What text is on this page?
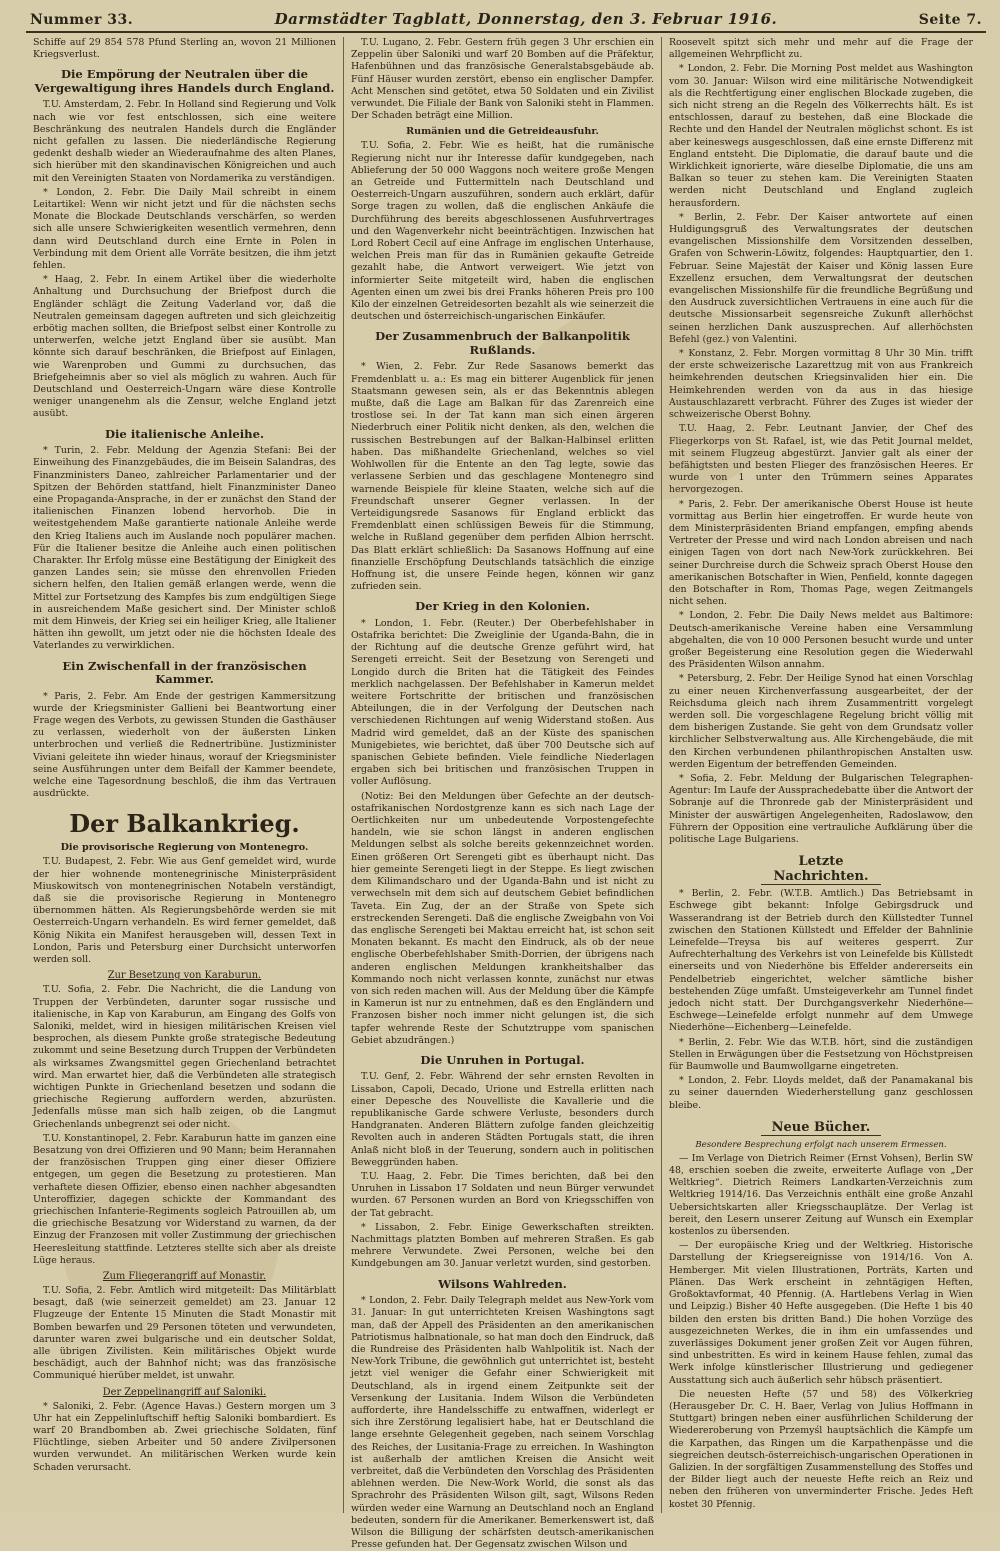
Nummer 33.	Darmstädter Tagblatt, Donnerstag, den 3. Februar 1916.	Seite 7.

Schiffe auf 29 854 578 Pfund Sterling an, wovon 21 Millionen Kriegsverlust.

Die Empörung der Neutralen über die Vergewaltigung ihres Handels durch England.

T.U. Amsterdam, 2. Febr. In Holland sind Regierung und Volk nach wie vor fest entschlossen, sich eine weitere Beschränkung des neutralen Handels durch die Engländer nicht gefallen zu lassen. Die niederländische Regierung gedenkt deshalb wieder an Wiederaufnahme des alten Planes, sich hierüber mit den skandinavischen Königreichen und auch mit den Vereinigten Staaten von Nordamerika zu verständigen.

* London, 2. Febr. Die Daily Mail schreibt in einem Leitartikel: Wenn wir nicht jetzt und für die nächsten sechs Monate die Blockade Deutschlands verschärfen, so werden sich alle unsere Schwierigkeiten wesentlich vermehren, denn dann wird Deutschland durch eine Ernte in Polen in Verbindung mit dem Orient alle Vorräte besitzen, die ihm jetzt fehlen.

* Haag, 2. Febr. In einem Artikel über die wiederholte Anhaltung und Durchsuchung der Briefpost durch die Engländer schlägt die Zeitung Vaderland vor, daß die Neutralen gemeinsam dagegen auftreten und sich gleichzeitig erbötig machen sollten, die Briefpost selbst einer Kontrolle zu unterwerfen, welche jetzt England über sie ausübt. Man könnte sich darauf beschränken, die Briefpost auf Einlagen, wie Warenproben und Gummi zu durchsuchen, das Briefgeheimnis aber so viel als möglich zu wahren. Auch für Deutschland und Oesterreich-Ungarn wäre diese Kontrolle weniger unangenehm als die Zensur, welche England jetzt ausübt.

Die italienische Anleihe.

* Turin, 2. Febr. Meldung der Agenzia Stefani: Bei der Einweihung des Finanzgebäudes, die im Beisein Salandras, des Finanzministers Daneo, zahlreicher Parlamentarier und der Spitzen der Behörden stattfand, hielt Finanzminister Daneo eine Propaganda-Ansprache, in der er zunächst den Stand der italienischen Finanzen lobend hervorhob. Die in weitestgehendem Maße garantierte nationale Anleihe werde den Krieg Italiens auch im Auslande noch populärer machen. Für die Italiener besitze die Anleihe auch einen politischen Charakter. Ihr Erfolg müsse eine Bestätigung der Einigkeit des ganzen Landes sein; sie müsse den ehrenvollen Frieden sichern helfen, den Italien gemäß erlangen werde, wenn die Mittel zur Fortsetzung des Kampfes bis zum endgültigen Siege in ausreichendem Maße gesichert sind. Der Minister schloß mit dem Hinweis, der Krieg sei ein heiliger Krieg, alle Italiener hätten ihn gewollt, um jetzt oder nie die höchsten Ideale des Vaterlandes zu verwirklichen.

Ein Zwischenfall in der französischen Kammer.

* Paris, 2. Febr. Am Ende der gestrigen Kammersitzung wurde der Kriegsminister Gallieni bei Beantwortung einer Frage wegen des Verbots, zu gewissen Stunden die Gasthäuser zu verlassen, wiederholt von der äußersten Linken unterbrochen und verließ die Rednertribüne. Justizminister Viviani geleitete ihn wieder hinaus, worauf der Kriegsminister seine Ausführungen unter dem Beifall der Kammer beendete, welche eine Tagesordnung beschloß, die ihm das Vertrauen ausdrückte.

Der Balkankrieg.
Die provisorische Regierung von Montenegro.

T.U. Budapest, 2. Febr. Wie aus Genf gemeldet wird, wurde der hier wohnende montenegrinische Ministerpräsident Miuskowitsch von montenegrinischen Notabeln verständigt, daß sie die provisorische Regierung in Montenegro übernommen hätten. Als Regierungsbehörde werden sie mit Oesterreich-Ungarn verhandeln. Es wird ferner gemeldet, daß König Nikita ein Manifest herausgeben will, dessen Text in London, Paris und Petersburg einer Durchsicht unterworfen werden soll.

Zur Besetzung von Karaburun.

T.U. Sofia, 2. Febr. Die Nachricht, die die Landung von Truppen der Verbündeten, darunter sogar russische und italienische, in Kap von Karaburun, am Eingang des Golfs von Saloniki, meldet, wird in hiesigen militärischen Kreisen viel besprochen, als diesem Punkte große strategische Bedeutung zukommt und seine Besetzung durch Truppen der Verbündeten als wirksames Zwangsmittel gegen Griechenland betrachtet wird. Man erwartet hier, daß die Verbündeten alle strategisch wichtigen Punkte in Griechenland besetzen und sodann die griechische Regierung auffordern werden, abzurüsten. Jedenfalls müsse man sich halb zeigen, ob die Langmut Griechenlands unbegrenzt sei oder nicht.

T.U. Konstantinopel, 2. Febr. Karaburun hatte im ganzen eine Besatzung von drei Offizieren und 90 Mann; beim Herannahen der französischen Truppen ging einer dieser Offiziere entgegen, um gegen die Besetzung zu protestieren. Man verhaftete diesen Offizier, ebenso einen nachher abgesandten Unteroffizier, dagegen schickte der Kommandant des griechischen Infanterie-Regiments sogleich Patrouillen ab, um die griechische Besatzung vor Widerstand zu warnen, da der Einzug der Franzosen mit voller Zustimmung der griechischen Heeresleitung stattfinde. Letzteres stellte sich aber als dreiste Lüge heraus.

Zum Fliegerangriff auf Monastir.

T.U. Sofia, 2. Febr. Amtlich wird mitgeteilt: Das Militärblatt besagt, daß (wie seinerzeit gemeldet) am 23. Januar 12 Flugzeuge der Entente 15 Minuten die Stadt Monastir mit Bomben bewarfen und 29 Personen töteten und verwundeten, darunter waren zwei bulgarische und ein deutscher Soldat, alle übrigen Zivilisten. Kein militärisches Objekt wurde beschädigt, auch der Bahnhof nicht; was das französische Communiqué hierüber meldet, ist unwahr.

Der Zeppelinangriff auf Saloniki.

* Saloniki, 2. Febr. (Agence Havas.) Gestern morgen um 3 Uhr hat ein Zeppelinluftschiff heftig Saloniki bombardiert. Es warf 20 Brandbomben ab. Zwei griechische Soldaten, fünf Flüchtlinge, sieben Arbeiter und 50 andere Zivilpersonen wurden verwundet. An militärischen Werken wurde kein Schaden verursacht.

T.U. Lugano, 2. Febr. Gestern früh gegen 3 Uhr erschien ein Zeppelin über Saloniki und warf 20 Bomben auf die Präfektur, Hafenbühnen und das französische Generalstabsgebäude ab. Fünf Häuser wurden zerstört, ebenso ein englischer Dampfer. Acht Menschen sind getötet, etwa 50 Soldaten und ein Zivilist verwundet. Die Filiale der Bank von Saloniki steht in Flammen. Der Schaden beträgt eine Million.

Rumänien und die Getreideausfuhr.

T.U. Sofia, 2. Febr. Wie es heißt, hat die rumänische Regierung nicht nur ihr Interesse dafür kundgegeben, nach Ablieferung der 50 000 Waggons noch weitere große Mengen an Getreide und Futtermitteln nach Deutschland und Oesterreich-Ungarn auszuführen, sondern auch erklärt, dafür Sorge tragen zu wollen, daß die englischen Ankäufe die Durchführung des bereits abgeschlossenen Ausfuhrvertrages und den Wagenverkehr nicht beeinträchtigen. Inzwischen hat Lord Robert Cecil auf eine Anfrage im englischen Unterhause, welchen Preis man für das in Rumänien gekaufte Getreide gezahlt habe, die Antwort verweigert. Wie jetzt von informierter Seite mitgeteilt wird, haben die englischen Agenten einen um zwei bis drei Franks höheren Preis pro 100 Kilo der einzelnen Getreidesorten bezahlt als wie seinerzeit die deutschen und österreichisch-ungarischen Einkäufer.

Der Zusammenbruch der Balkanpolitik Rußlands.

* Wien, 2. Febr. Zur Rede Sasanows bemerkt das Fremdenblatt u. a.: Es mag ein bitterer Augenblick für jenen Staatsmann gewesen sein, als er das Bekenntnis ablegen mußte, daß die Lage am Balkan für das Zarenreich eine trostlose sei. In der Tat kann man sich einen ärgeren Niederbruch einer Politik nicht denken, als den, welchen die russischen Bestrebungen auf der Balkan-Halbinsel erlitten haben. Das mißhandelte Griechenland, welches so viel Wohlwollen für die Entente an den Tag legte, sowie das verlassene Serbien und das geschlagene Montenegro sind warnende Beispiele für kleine Staaten, welche sich auf die Freundschaft unserer Gegner verlassen. In der Verteidigungsrede Sasanows für England erblickt das Fremdenblatt einen schlüssigen Beweis für die Stimmung, welche in Rußland gegenüber dem perfiden Albion herrscht. Das Blatt erklärt schließlich: Da Sasanows Hoffnung auf eine finanzielle Erschöpfung Deutschlands tatsächlich die einzige Hoffnung ist, die unsere Feinde hegen, können wir ganz zufrieden sein.

Der Krieg in den Kolonien.

* London, 1. Febr. (Reuter.) Der Oberbefehlshaber in Ostafrika berichtet: Die Zweiglinie der Uganda-Bahn, die in der Richtung auf die deutsche Grenze geführt wird, hat Serengeti erreicht. Seit der Besetzung von Serengeti und Longido durch die Briten hat die Tätigkeit des Feindes merklich nachgelassen. Der Befehlshaber in Kamerun meldet weitere Fortschritte der britischen und französischen Abteilungen, die in der Verfolgung der Deutschen nach verschiedenen Richtungen auf wenig Widerstand stoßen. Aus Madrid wird gemeldet, daß an der Küste des spanischen Munigebietes, wie berichtet, daß über 700 Deutsche sich auf spanischen Gebiete befinden. Viele feindliche Niederlagen ergaben sich bei britischen und französischen Truppen in voller Auflösung.

(Notiz: Bei den Meldungen über Gefechte an der deutsch-ostafrikanischen Nordostgrenze kann es sich nach Lage der Oertlichkeiten nur um unbedeutende Vorpostengefechte handeln, wie sie schon längst in anderen englischen Meldungen selbst als solche bereits gekennzeichnet worden. Einen größeren Ort Serengeti gibt es überhaupt nicht. Das hier gemeinte Serengeti liegt in der Steppe. Es liegt zwischen dem Kilimandscharo und der Uganda-Bahn und ist nicht zu verwechseln mit dem sich auf deutschem Gebiet befindlichen Taveta. Ein Zug, der an der Straße von Spete sich erstreckenden Serengeti. Daß die englische Zweigbahn von Voi das englische Serengeti bei Maktau erreicht hat, ist schon seit Monaten bekannt. Es macht den Eindruck, als ob der neue englische Oberbefehlshaber Smith-Dorrien, der übrigens nach anderen englischen Meldungen krankheitshalber das Kommando noch nicht verlassen konnte, zunächst nur etwas von sich reden machen will. Aus der Meldung über die Kämpfe in Kamerun ist nur zu entnehmen, daß es den Engländern und Franzosen bisher noch immer nicht gelungen ist, die sich tapfer wehrende Reste der Schutztruppe vom spanischen Gebiet abzudrängen.)

Die Unruhen in Portugal.

T.U. Genf, 2. Febr. Während der sehr ernsten Revolten in Lissabon, Capoli, Decado, Urione und Estrella erlitten nach einer Depesche des Nouvelliste die Kavallerie und die republikanische Garde schwere Verluste, besonders durch Handgranaten. Anderen Blättern zufolge fanden gleichzeitig Revolten auch in anderen Städten Portugals statt, die ihren Anlaß nicht bloß in der Teuerung, sondern auch in politischen Beweggründen haben.

T.U. Haag, 2. Febr. Die Times berichten, daß bei den Unruhen in Lissabon 17 Soldaten und neun Bürger verwundet wurden. 67 Personen wurden an Bord von Kriegsschiffen von der Tat gebracht.

* Lissabon, 2. Febr. Einige Gewerkschaften streikten. Nachmittags platzten Bomben auf mehreren Straßen. Es gab mehrere Verwundete. Zwei Personen, welche bei den Kundgebungen am 30. Januar verletzt wurden, sind gestorben.

Wilsons Wahlreden.

* London, 2. Febr. Daily Telegraph meldet aus New-York vom 31. Januar: In gut unterrichteten Kreisen Washingtons sagt man, daß der Appell des Präsidenten an den amerikanischen Patriotismus halbnationale, so hat man doch den Eindruck, daß die Rundreise des Präsidenten halb Wahlpolitik ist. Nach der New-York Tribune, die gewöhnlich gut unterrichtet ist, besteht jetzt viel weniger die Gefahr einer Schwierigkeit mit Deutschland, als in irgend einem Zeitpunkte seit der Versenkung der Lusitania. Indem Wilson die Verbündeten aufforderte, ihre Handelsschiffe zu entwaffnen, widerlegt er sich ihre Zerstörung legalisiert habe, hat er Deutschland die lange ersehnte Gelegenheit gegeben, nach seinem Vorschlag des Reiches, der Lusitania-Frage zu erreichen. In Washington ist außerhalb der amtlichen Kreisen die Ansicht weit verbreitet, daß die Verbündeten den Vorschlag des Präsidenten ablehnen werden. Die New-Work World, die sonst als das Sprachrohr des Präsidenten Wilson gilt, sagt, Wilsons Reden würden weder eine Warnung an Deutschland noch an England bedeuten, sondern für die Amerikaner. Bemerkenswert ist, daß Wilson die Billigung der schärfsten deutsch-amerikanischen Presse gefunden hat. Der Gegensatz zwischen Wilson und

Roosevelt spitzt sich mehr und mehr auf die Frage der allgemeinen Wehrpflicht zu.

* London, 2. Febr. Die Morning Post meldet aus Washington vom 30. Januar: Wilson wird eine militärische Notwendigkeit als die Rechtfertigung einer englischen Blockade zugeben, die sich nicht streng an die Regeln des Völkerrechts hält. Es ist entschlossen, darauf zu bestehen, daß eine Blockade die Rechte und den Handel der Neutralen möglichst schont. Es ist aber keineswegs ausgeschlossen, daß eine ernste Differenz mit England entsteht. Die Diplomatie, die darauf baute und die Wirklichkeit ignorierte, wäre dieselbe Diplomatie, die uns am Balkan so teuer zu stehen kam. Die Vereinigten Staaten werden nicht Deutschland und England zugleich herausfordern.

* Berlin, 2. Febr. Der Kaiser antwortete auf einen Huldigungsgruß des Verwaltungsrates der deutschen evangelischen Missionshilfe dem Vorsitzenden desselben, Grafen von Schwerin-Löwitz, folgendes: Hauptquartier, den 1. Februar. Seine Majestät der Kaiser und König lassen Eure Exzellenz ersuchen, dem Verwaltungsrat der deutschen evangelischen Missionshilfe für die freundliche Begrüßung und den Ausdruck zuversichtlichen Vertrauens in eine auch für die deutsche Missionsarbeit segensreiche Zukunft allerhöchst seinen herzlichen Dank auszusprechen. Auf allerhöchsten Befehl (gez.) von Valentini.

* Konstanz, 2. Febr. Morgen vormittag 8 Uhr 30 Min. trifft der erste schweizerische Lazarettzug mit von aus Frankreich heimkehrenden deutschen Kriegsinvaliden hier ein. Die Heimkehrenden werden von da aus in das hiesige Austauschlazarett verbracht. Führer des Zuges ist wieder der schweizerische Oberst Bohny.

T.U. Haag, 2. Febr. Leutnant Janvier, der Chef des Fliegerkorps von St. Rafael, ist, wie das Petit Journal meldet, mit seinem Flugzeug abgestürzt. Janvier galt als einer der befähigtsten und besten Flieger des französischen Heeres. Er wurde von 1 unter den Trümmern seines Apparates hervorgezogen.

* Paris, 2. Febr. Der amerikanische Oberst House ist heute vormittag aus Berlin hier eingetroffen. Er wurde heute von dem Ministerpräsidenten Briand empfangen, empfing abends Vertreter der Presse und wird nach London abreisen und nach einigen Tagen von dort nach New-York zurückkehren. Bei seiner Durchreise durch die Schweiz sprach Oberst House den amerikanischen Botschafter in Wien, Penfield, konnte dagegen den Botschafter in Rom, Thomas Page, wegen Zeitmangels nicht sehen.

* London, 2. Febr. Die Daily News meldet aus Baltimore: Deutsch-amerikanische Vereine haben eine Versammlung abgehalten, die von 10 000 Personen besucht wurde und unter großer Begeisterung eine Resolution gegen die Wiederwahl des Präsidenten Wilson annahm.

* Petersburg, 2. Febr. Der Heilige Synod hat einen Vorschlag zu einer neuen Kirchenverfassung ausgearbeitet, der der Reichsduma gleich nach ihrem Zusammentritt vorgelegt werden soll. Die vorgeschlagene Regelung bricht völlig mit dem bisherigen Zustande. Sie geht von dem Grundsatz voller kirchlicher Selbstverwaltung aus. Alle Kirchengebäude, die mit den Kirchen verbundenen philanthropischen Anstalten usw. werden Eigentum der betreffenden Gemeinden.

* Sofia, 2. Febr. Meldung der Bulgarischen Telegraphen-Agentur: Im Laufe der Aussprachedebatte über die Antwort der Sobranje auf die Thronrede gab der Ministerpräsident und Minister der auswärtigen Angelegenheiten, Radoslawow, den Führern der Opposition eine vertrauliche Aufklärung über die politische Lage Bulgariens.

Letzte Nachrichten.

* Berlin, 2. Febr. (W.T.B. Amtlich.) Das Betriebsamt in Eschwege gibt bekannt: Infolge Gebirgsdruck und Wasserandrang ist der Betrieb durch den Küllstedter Tunnel zwischen den Stationen Küllstedt und Effelder der Bahnlinie Leinefelde—Treysa bis auf weiteres gesperrt. Zur Aufrechterhaltung des Verkehrs ist von Leinefelde bis Küllstedt einerseits und von Niederhöne bis Effelder andererseits ein Pendelbetrieb eingerichtet, welcher sämtliche bisher bestehenden Züge umfaßt. Umsteigeverkehr am Tunnel findet jedoch nicht statt. Der Durchgangsverkehr Niederhöne—Eschwege—Leinefelde erfolgt nunmehr auf dem Umwege Niederhöne—Eichenberg—Leinefelde.

* Berlin, 2. Febr. Wie das W.T.B. hört, sind die zuständigen Stellen in Erwägungen über die Festsetzung von Höchstpreisen für Baumwolle und Baumwollgarne eingetreten.

* London, 2. Febr. Lloyds meldet, daß der Panamakanal bis zu seiner dauernden Wiederherstellung ganz geschlossen bleibe.

Neue Bücher.
Besondere Besprechung erfolgt nach unserem Ermessen.

— Im Verlage von Dietrich Reimer (Ernst Vohsen), Berlin SW 48, erschien soeben die zweite, erweiterte Auflage von „Der Weltkrieg“. Dietrich Reimers Landkarten-Verzeichnis zum Weltkrieg 1914/16. Das Verzeichnis enthält eine große Anzahl Uebersichtskarten aller Kriegsschauplätze. Der Verlag ist bereit, den Lesern unserer Zeitung auf Wunsch ein Exemplar kostenlos zu übersenden.

— Der europäische Krieg und der Weltkrieg. Historische Darstellung der Kriegsereignisse von 1914/16. Von A. Hemberger. Mit vielen Illustrationen, Porträts, Karten und Plänen. Das Werk erscheint in zehntägigen Heften, Großoktavformat, 40 Pfennig. (A. Hartlebens Verlag in Wien und Leipzig.) Bisher 40 Hefte ausgegeben. (Die Hefte 1 bis 40 bilden den ersten bis dritten Band.) Die hohen Vorzüge des ausgezeichneten Werkes, die in ihm ein umfassendes und zuverlässiges Dokument jener großen Zeit vor Augen führen, sind unbestritten. Es wird in keinem Hause fehlen, zumal das Werk infolge künstlerischer Illustrierung und gediegener Ausstattung sich auch äußerlich sehr hübsch präsentiert.

Die neuesten Hefte (57 und 58) des Völkerkrieg (Herausgeber Dr. C. H. Baer, Verlag von Julius Hoffmann in Stuttgart) bringen neben einer ausführlichen Schilderung der Wiedereroberung von Przemyśl hauptsächlich die Kämpfe um die Karpathen, das Ringen um die Karpathenpässe und die siegreichen deutsch-österreichisch-ungarischen Operationen in Galizien. In der sorgfältigen Zusammenstellung des Stoffes und der Bilder liegt auch der neueste Hefte reich an Reiz und neben den früheren von unverminderter Frische. Jedes Heft kostet 30 Pfennig.
